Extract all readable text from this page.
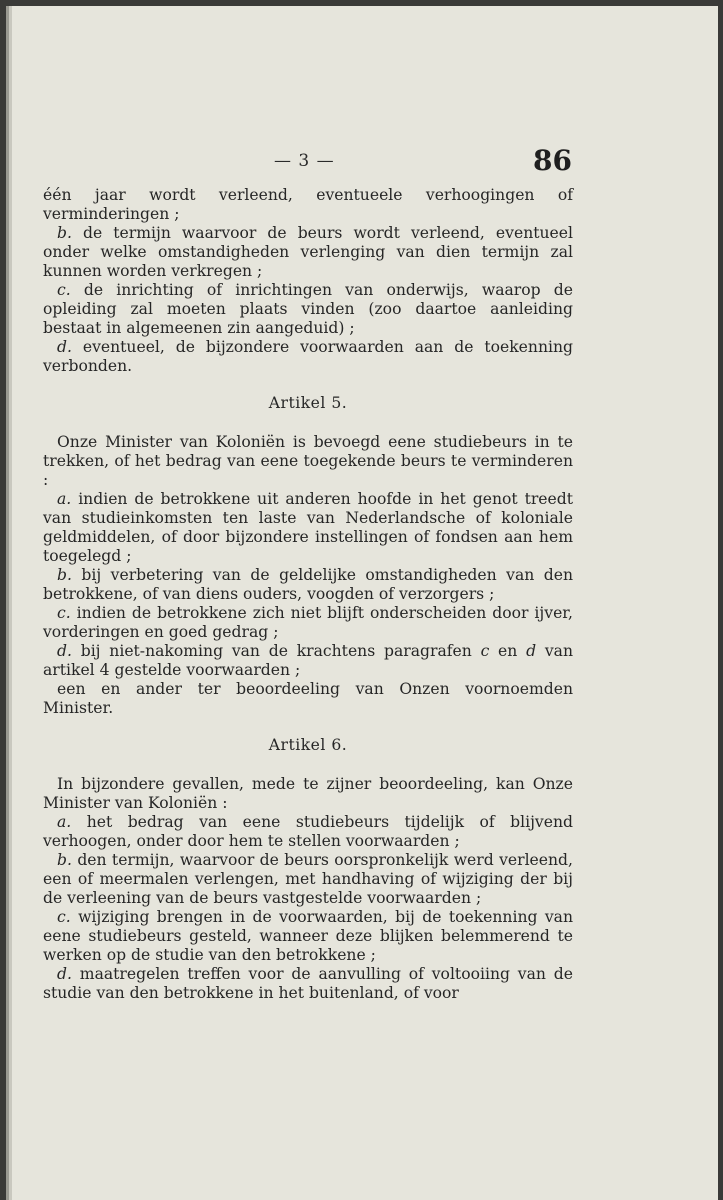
— 3 —	86

één jaar wordt verleend, eventueele verhoogingen of verminderingen ;

b. de termijn waarvoor de beurs wordt verleend, eventueel onder welke omstandigheden verlenging van dien termijn zal kunnen worden verkregen ;

c. de inrichting of inrichtingen van onderwijs, waarop de opleiding zal moeten plaats vinden (zoo daartoe aanleiding bestaat in algemeenen zin aangeduid) ;

d. eventueel, de bijzondere voorwaarden aan de toekenning verbonden.

Artikel 5.

Onze Minister van Koloniën is bevoegd eene studiebeurs in te trekken, of het bedrag van eene toegekende beurs te verminderen :

a. indien de betrokkene uit anderen hoofde in het genot treedt van studieinkomsten ten laste van Nederlandsche of koloniale geldmiddelen, of door bijzondere instellingen of fondsen aan hem toegelegd ;

b. bij verbetering van de geldelijke omstandigheden van den betrokkene, of van diens ouders, voogden of verzorgers ;

c. indien de betrokkene zich niet blijft onderscheiden door ijver, vorderingen en goed gedrag ;

d. bij niet-nakoming van de krachtens paragrafen c en d van artikel 4 gestelde voorwaarden ;

een en ander ter beoordeeling van Onzen voornoemden Minister.

Artikel 6.

In bijzondere gevallen, mede te zijner beoordeeling, kan Onze Minister van Koloniën :

a. het bedrag van eene studiebeurs tijdelijk of blijvend verhoogen, onder door hem te stellen voorwaarden ;

b. den termijn, waarvoor de beurs oorspronkelijk werd verleend, een of meermalen verlengen, met handhaving of wijziging der bij de verleening van de beurs vastgestelde voorwaarden ;

c. wijziging brengen in de voorwaarden, bij de toekenning van eene studiebeurs gesteld, wanneer deze blijken belemmerend te werken op de studie van den betrokkene ;

d. maatregelen treffen voor de aanvulling of voltooiing van de studie van den betrokkene in het buitenland, of voor
